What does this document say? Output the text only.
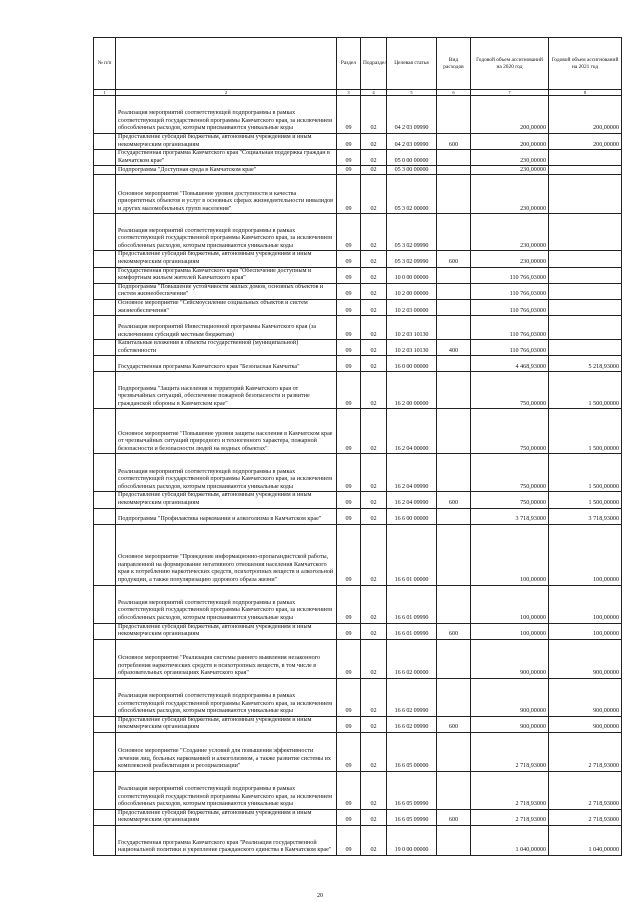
№ п/п		Раздел	Подраздел	Целевая статья	Вид расходов	Годовой объем ассигнований на 2020 год	Годовой объем ассигнований на 2021 год
1	2	3	4	5	6	7	8
	Реализация мероприятий соответствующей подпрограммы в рамках соответствующей государственной программы Камчатского края, за исключением обособленных расходов, которым присваиваются уникальные коды	09	02	04 2 03 09990		200,00000	200,00000
	Предоставление субсидий бюджетным, автономным учреждениям и иным некоммерческим организациям	09	02	04 2 03 09990	600	200,00000	200,00000
	Государственная программа Камчатского края "Социальная поддержка граждан в Камчатском крае"	09	02	05 0 00 00000		230,00000	
	Подпрограмма "Доступная среда в Камчатском крае"	09	02	05 3 00 00000		230,00000	
	Основное мероприятие "Повышение уровня доступности и качества приоритетных объектов и услуг в основных сферах жизнедеятельности инвалидов и других маломобильных групп населения"	09	02	05 3 02 00000		230,00000	
	Реализация мероприятий соответствующей подпрограммы в рамках соответствующей государственной программы Камчатского края, за исключением обособленных расходов, которым присваиваются уникальные коды	09	02	05 3 02 09990		230,00000	
	Предоставление субсидий бюджетным, автономным учреждениям и иным некоммерческим организациям	09	02	05 3 02 09990	600	230,00000	
	Государственная программа Камчатского края "Обеспечение доступным и комфортным жильем жителей Камчатского края"	09	02	10 0 00 00000		110 766,03000	
	Подпрограмма "Повышение устойчивости жилых домов, основных объектов и систем жизнеобеспечения"	09	02	10 2 00 00000		110 766,03000	
	Основное мероприятие "Сейсмоусиление социальных объектов и систем жизнеобеспечения"	09	02	10 2 03 00000		110 766,03000	
	Реализация мероприятий Инвестиционной программы Камчатского края (за исключением субсидий местным бюджетам)	09	02	10 2 03 10130		110 766,03000	
	Капитальные вложения в объекты государственной (муниципальной) собственности	09	02	10 2 03 10130	400	110 766,03000	
	Государственная программа Камчатского края "Безопасная Камчатка"	09	02	16 0 00 00000		4 468,93000	5 218,93000
	Подпрограмма "Защита населения и территорий Камчатского края от чрезвычайных ситуаций, обеспечение пожарной безопасности и развитие гражданской обороны в Камчатском крае"	09	02	16 2 00 00000		750,00000	1 500,00000
	Основное мероприятие "Повышение уровня защиты населения в Камчатском крае от чрезвычайных ситуаций природного и техногенного характера, пожарной безопасности и безопасности людей на водных объектах"	09	02	16 2 04 00000		750,00000	1 500,00000
	Реализация мероприятий соответствующей подпрограммы в рамках соответствующей государственной программы Камчатского края, за исключением обособленных расходов, которым присваиваются уникальные коды	09	02	16 2 04 09990		750,00000	1 500,00000
	Предоставление субсидий бюджетным, автономным учреждениям и иным некоммерческим организациям	09	02	16 2 04 09990	600	750,00000	1 500,00000
	Подпрограмма "Профилактика наркомании и алкоголизма в Камчатском крае"	09	02	16 6 00 00000		3 718,93000	3 718,93000
	Основное мероприятие "Проведение информационно-пропагандистской работы, направленной на формирование негативного отношения населения Камчатского края к потреблению наркотических средств, психотропных веществ и алкогольной продукции, а также популяризацию здорового образа жизни"	09	02	16 6 01 00000		100,00000	100,00000
	Реализация мероприятий соответствующей подпрограммы в рамках соответствующей государственной программы Камчатского края, за исключением обособленных расходов, которым присваиваются уникальные коды	09	02	16 6 01 09990		100,00000	100,00000
	Предоставление субсидий бюджетным, автономным учреждениям и иным некоммерческим организациям	09	02	16 6 01 09990	600	100,00000	100,00000
	Основное мероприятие "Реализация системы раннего выявления незаконного потребления наркотических средств и психотропных веществ, в том числе в образовательных организациях Камчатского края"	09	02	16 6 02 00000		900,00000	900,00000
	Реализация мероприятий соответствующей подпрограммы в рамках соответствующей государственной программы Камчатского края, за исключением обособленных расходов, которым присваиваются уникальные коды	09	02	16 6 02 09990		900,00000	900,00000
	Предоставление субсидий бюджетным, автономным учреждениям и иным некоммерческим организациям	09	02	16 6 02 09990	600	900,00000	900,00000
	Основное мероприятие "Создание условий для повышения эффективности лечения лиц, больных наркоманией и алкоголизмом, а также развитие системы их комплексной реабилитации и ресоциализации"	09	02	16 6 05 00000		2 718,93000	2 718,93000
	Реализация мероприятий соответствующей подпрограммы в рамках соответствующей государственной программы Камчатского края, за исключением обособленных расходов, которым присваиваются уникальные коды	09	02	16 6 05 09990		2 718,93000	2 718,93000
	Предоставление субсидий бюджетным, автономным учреждениям и иным некоммерческим организациям	09	02	16 6 05 09990	600	2 718,93000	2 718,93000
	Государственная программа Камчатского края "Реализация государственной национальной политики и укрепление гражданского единства в Камчатском крае"	09	02	19 0 00 00000		1 040,00000	1 040,00000
20
